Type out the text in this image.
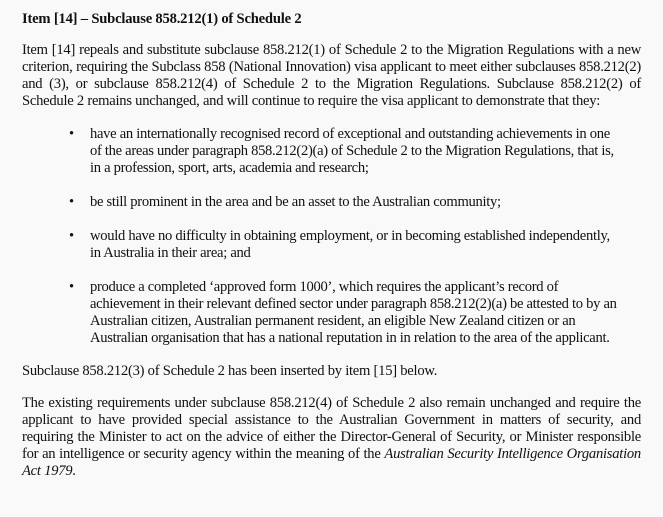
Item [14] – Subclause 858.212(1) of Schedule 2

Item [14] repeals and substitute subclause 858.212(1) of Schedule 2 to the Migration Regulations with a new criterion, requiring the Subclass 858 (National Innovation) visa applicant to meet either subclauses 858.212(2) and (3), or subclause 858.212(4) of Schedule 2 to the Migration Regulations. Subclause 858.212(2) of Schedule 2 remains unchanged, and will continue to require the visa applicant to demonstrate that they:

• have an internationally recognised record of exceptional and outstanding achievements in one of the areas under paragraph 858.212(2)(a) of Schedule 2 to the Migration Regulations, that is, in a profession, sport, arts, academia and research;
• be still prominent in the area and be an asset to the Australian community;
• would have no difficulty in obtaining employment, or in becoming established independently, in Australia in their area; and
• produce a completed ‘approved form 1000’, which requires the applicant’s record of achievement in their relevant defined sector under paragraph 858.212(2)(a) be attested to by an Australian citizen, Australian permanent resident, an eligible New Zealand citizen or an Australian organisation that has a national reputation in in relation to the area of the applicant.

Subclause 858.212(3) of Schedule 2 has been inserted by item [15] below.

The existing requirements under subclause 858.212(4) of Schedule 2 also remain unchanged and require the applicant to have provided special assistance to the Australian Government in matters of security, and requiring the Minister to act on the advice of either the Director-General of Security, or Minister responsible for an intelligence or security agency within the meaning of the Australian Security Intelligence Organisation Act 1979.
